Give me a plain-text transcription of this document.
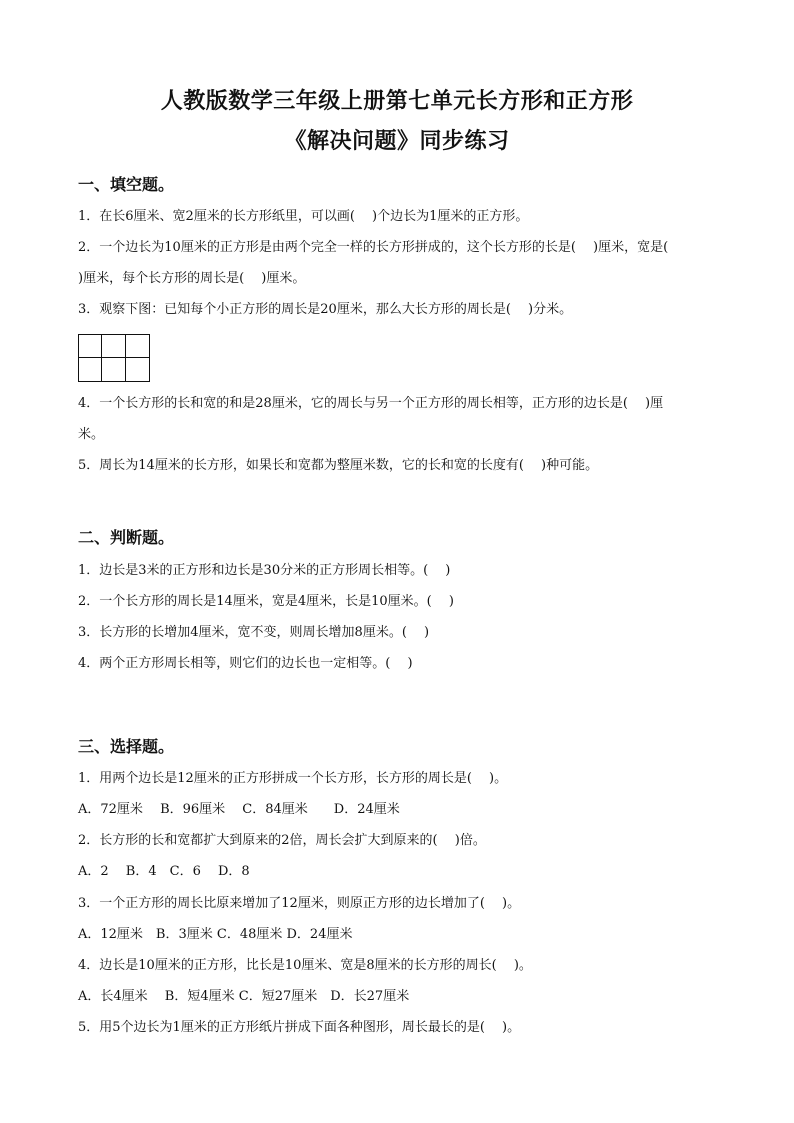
人教版数学三年级上册第七单元长方形和正方形
《解决问题》同步练习
一、填空题。

1．在长6厘米、宽2厘米的长方形纸里，可以画(　 )个边长为1厘米的正方形。

2．一个边长为10厘米的正方形是由两个完全一样的长方形拼成的，这个长方形的长是(　 )厘米，宽是(

)厘米，每个长方形的周长是(　 )厘米。

3．观察下图：已知每个小正方形的周长是20厘米，那么大长方形的周长是(　 )分米。

4．一个长方形的长和宽的和是28厘米，它的周长与另一个正方形的周长相等，正方形的边长是(　 )厘

米。

5．周长为14厘米的长方形，如果长和宽都为整厘米数，它的长和宽的长度有(　 )种可能。

二、判断题。

1．边长是3米的正方形和边长是30分米的正方形周长相等。(　 )

2．一个长方形的周长是14厘米，宽是4厘米，长是10厘米。(　 )

3．长方形的长增加4厘米，宽不变，则周长增加8厘米。(　 )

4．两个正方形周长相等，则它们的边长也一定相等。(　 )

三、选择题。

1．用两个边长是12厘米的正方形拼成一个长方形，长方形的周长是(　 )。

A．72厘米　 B．96厘米　 C．84厘米　　D．24厘米

2．长方形的长和宽都扩大到原来的2倍，周长会扩大到原来的(　 )倍。

A．2　 B．4　C．6　 D．8

3．一个正方形的周长比原来增加了12厘米，则原正方形的边长增加了(　 )。

A．12厘米　B．3厘米 C．48厘米 D．24厘米

4．边长是10厘米的正方形，比长是10厘米、宽是8厘米的长方形的周长(　 )。

A．长4厘米　 B．短4厘米 C．短27厘米　D．长27厘米

5．用5个边长为1厘米的正方形纸片拼成下面各种图形，周长最长的是(　 )。
